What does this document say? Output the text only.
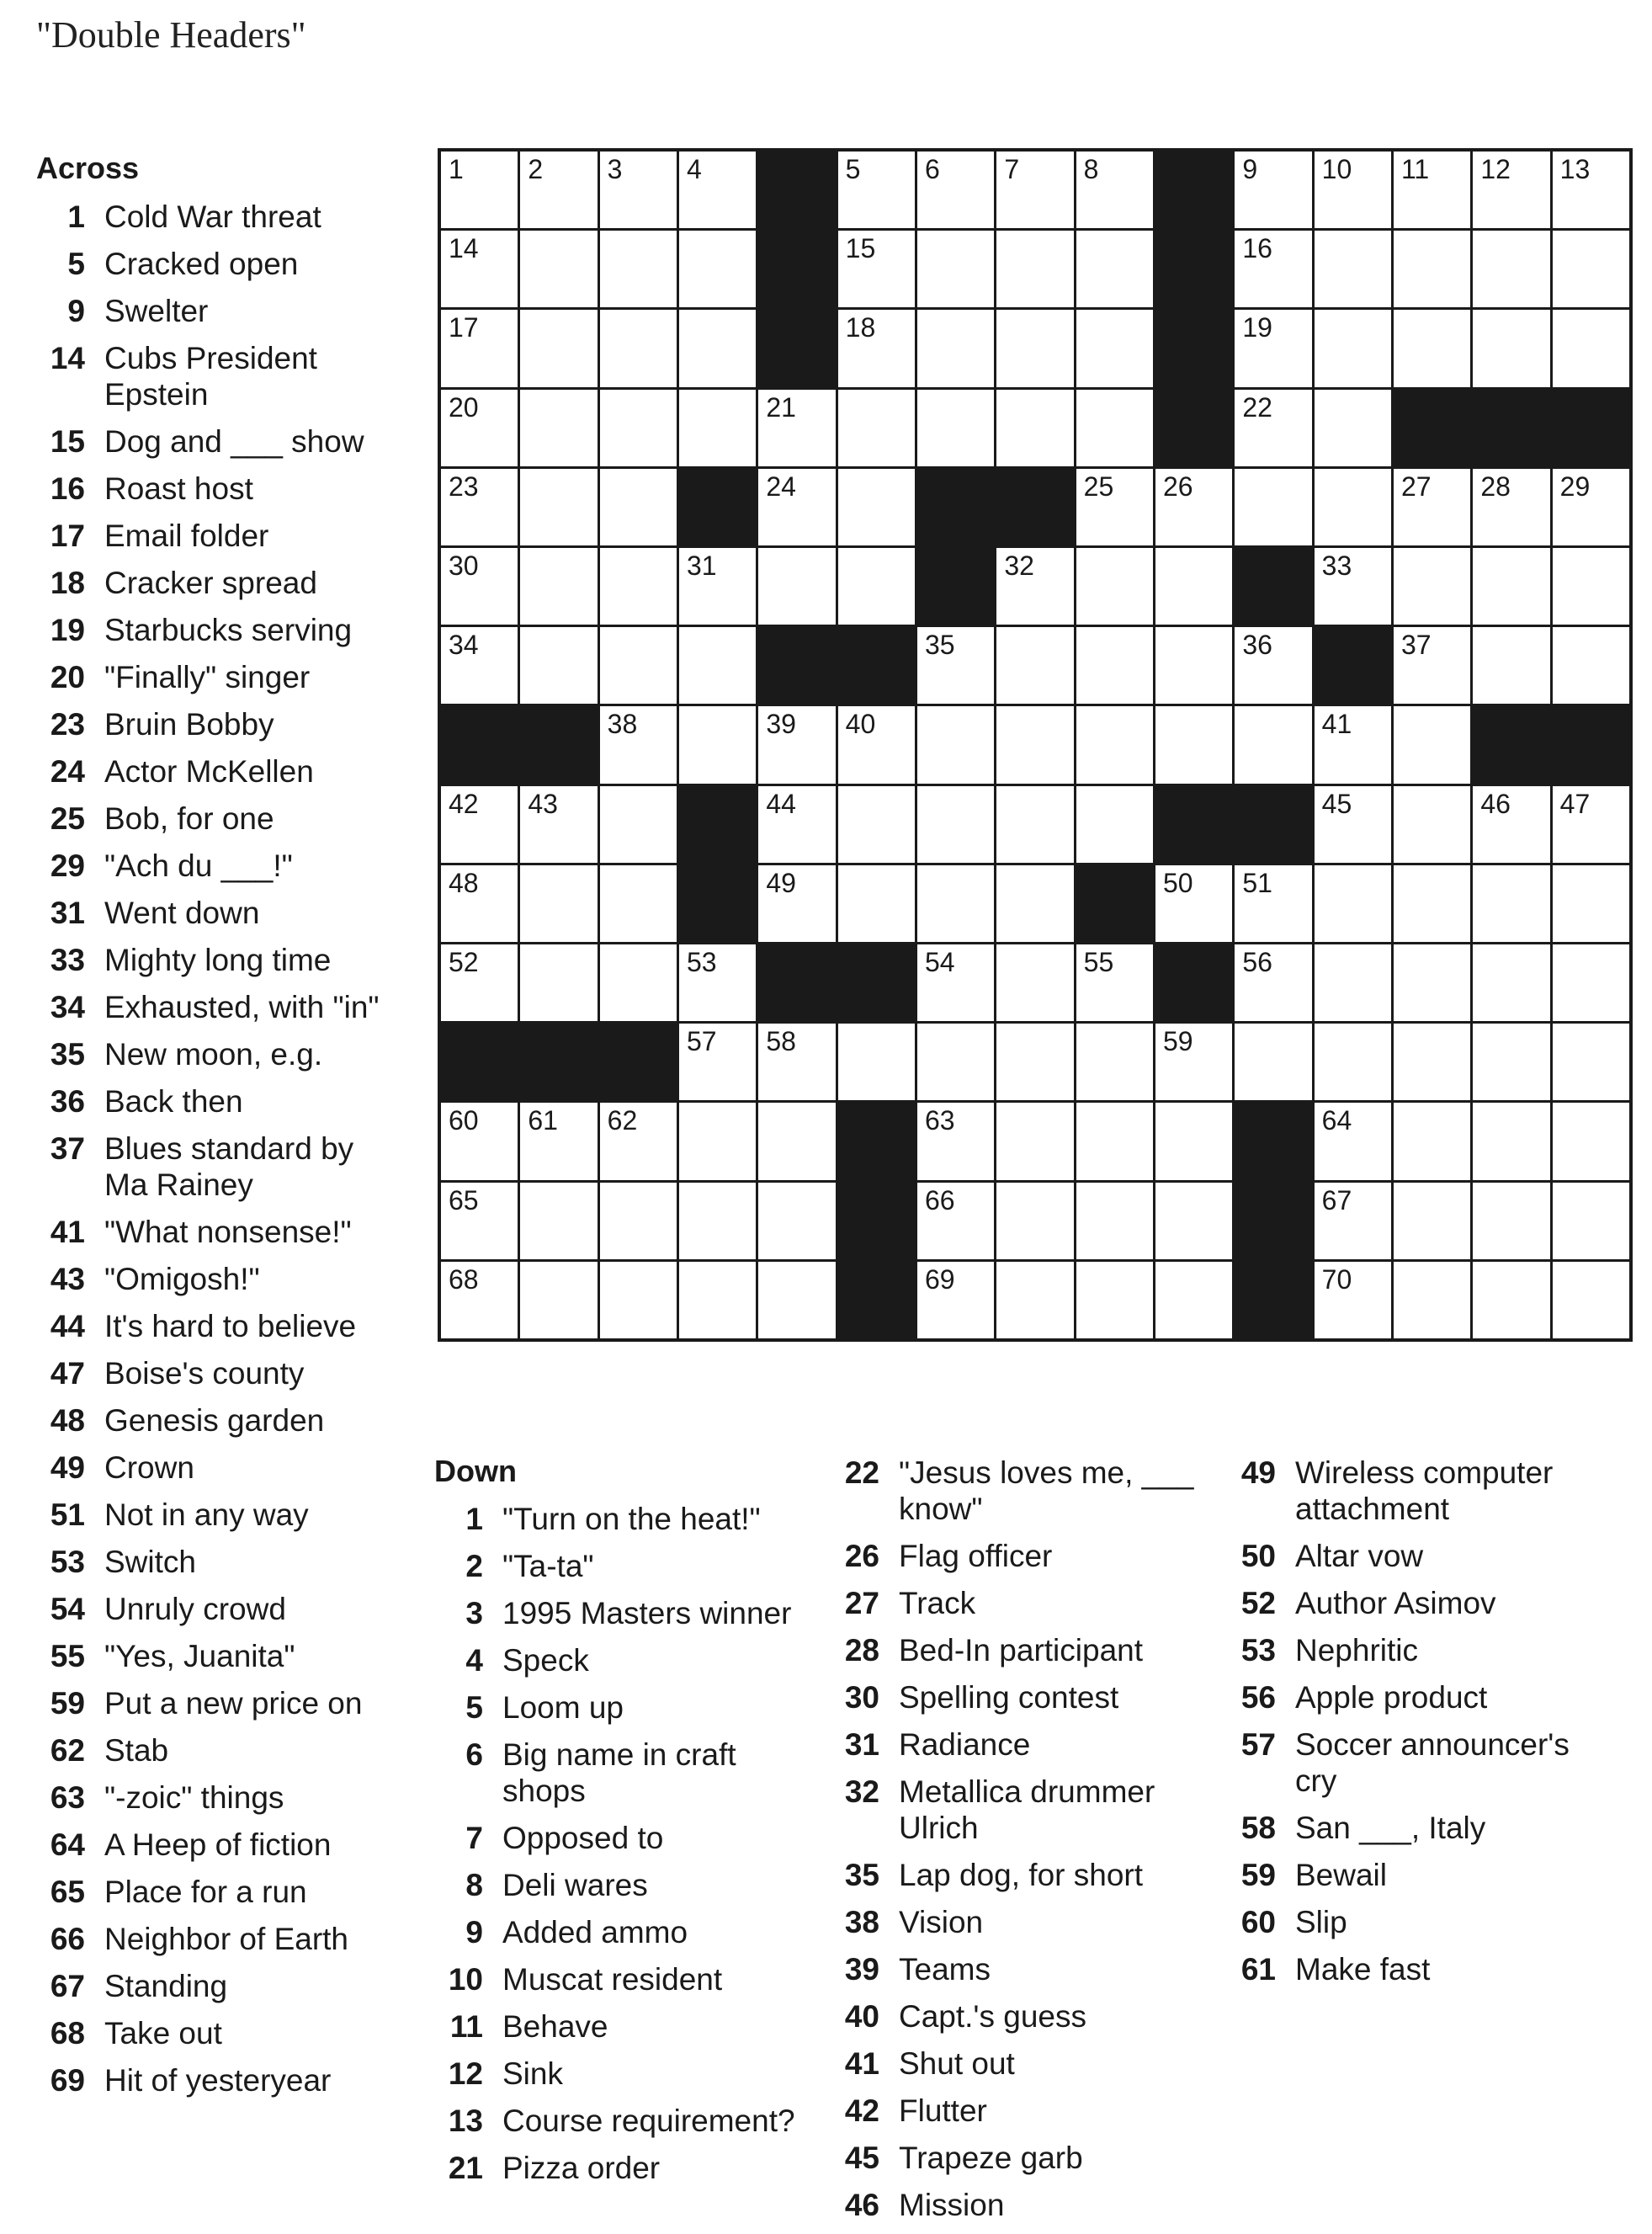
"Double Headers"
1 2 3 4	5 6 7 8	9 10 11 12 13
14	15	16
17	18	19
20	21	22
23	24	25 26	27 28 29
30	31	32	33
34	35	36	37
38	39 40	41
42 43	44	45	46 47
48	49	50 51
52	53	54	55	56
57 58	59
60 61 62	63	64
65	66	67
68	69	70
Across
1 Cold War threat
5 Cracked open
9 Swelter
14 Cubs President Epstein
15 Dog and ___ show
16 Roast host
17 Email folder
18 Cracker spread
19 Starbucks serving
20 "Finally" singer
23 Bruin Bobby
24 Actor McKellen
25 Bob, for one
29 "Ach du ___!"
31 Went down
33 Mighty long time
34 Exhausted, with "in"
35 New moon, e.g.
36 Back then
37 Blues standard by Ma Rainey
41 "What nonsense!"
43 "Omigosh!"
44 It's hard to believe
47 Boise's county
48 Genesis garden
49 Crown
51 Not in any way
53 Switch
54 Unruly crowd
55 "Yes, Juanita"
59 Put a new price on
62 Stab
63 "-zoic" things
64 A Heep of fiction
65 Place for a run
66 Neighbor of Earth
67 Standing
68 Take out
69 Hit of yesteryear
Down
1 "Turn on the heat!"
2 "Ta-ta"
3 1995 Masters winner
4 Speck
5 Loom up
6 Big name in craft shops
7 Opposed to
8 Deli wares
9 Added ammo
10 Muscat resident
11 Behave
12 Sink
13 Course requirement?
21 Pizza order
22 "Jesus loves me, ___ know"
26 Flag officer
27 Track
28 Bed-In participant
30 Spelling contest
31 Radiance
32 Metallica drummer Ulrich
35 Lap dog, for short
38 Vision
39 Teams
40 Capt.'s guess
41 Shut out
42 Flutter
45 Trapeze garb
46 Mission
49 Wireless computer attachment
50 Altar vow
52 Author Asimov
53 Nephritic
56 Apple product
57 Soccer announcer's cry
58 San ___, Italy
59 Bewail
60 Slip
61 Make fast
